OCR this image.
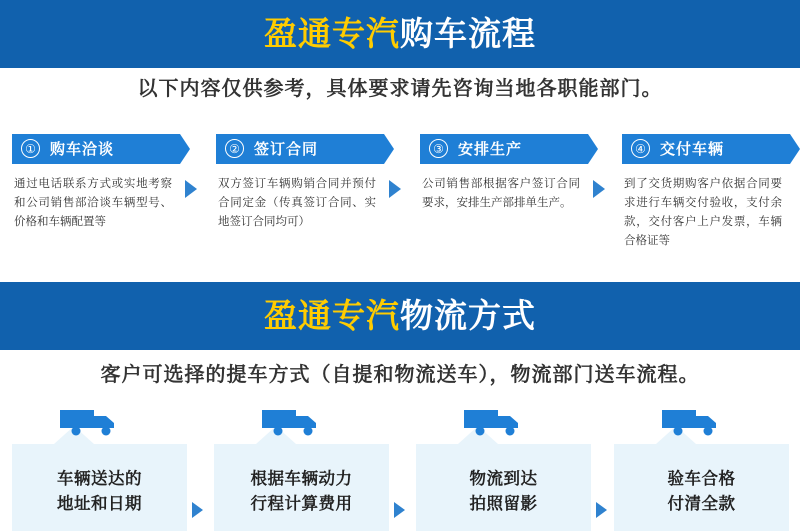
盈通专汽购车流程
以下内容仅供参考，具体要求请先咨询当地各职能部门。
① 购车洽谈
通过电话联系方式或实地考察和公司销售部洽谈车辆型号、价格和车辆配置等
② 签订合同
双方签订车辆购销合同并预付合同定金（传真签订合同、实地签订合同均可）
③ 安排生产
公司销售部根据客户签订合同要求，安排生产部排单生产。
④ 交付车辆
到了交货期购客户依据合同要求进行车辆交付验收，支付余款，交付客户上户发票，车辆合格证等
盈通专汽物流方式
客户可选择的提车方式（自提和物流送车），物流部门送车流程。
车辆送达的
地址和日期
根据车辆动力
行程计算费用
物流到达
拍照留影
验车合格
付清全款
